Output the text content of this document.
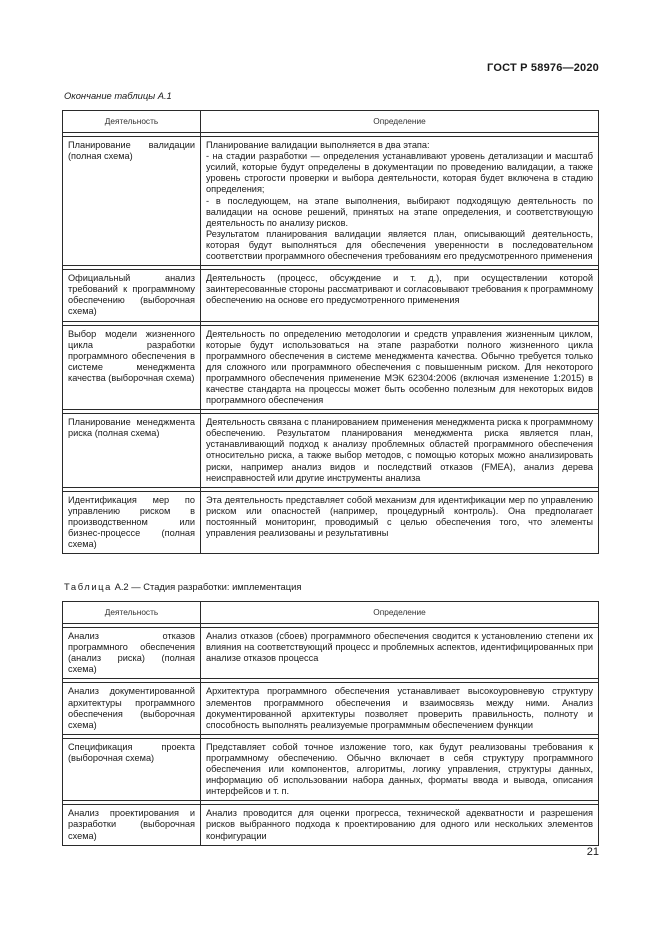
ГОСТ Р 58976—2020
Окончание таблицы А.1
Деятельность	Определение

Планирование валидации (полная схема)	Планирование валидации выполняется в два этапа:
- на стадии разработки — определения устанавливают уровень детализации и масштаб усилий, которые будут определены в документации по проведению валидации, а также уровень строгости проверки и выбора деятельности, которая будет включена в стадию определения;
- в последующем, на этапе выполнения, выбирают подходящую деятельность по валидации на основе решений, принятых на этапе определения, и соответствующую деятельность по анализу рисков.
Результатом планирования валидации является план, описывающий деятельность, которая будут выполняться для обеспечения уверенности в последовательном соответствии программного обеспечения требованиям его предусмотренного применения

Официальный анализ требований к программному обеспечению (выборочная схема)	Деятельность (процесс, обсуждение и т. д.), при осуществлении которой заинтересованные стороны рассматривают и согласовывают требования к программному обеспечению на основе его предусмотренного применения

Выбор модели жизненного цикла разработки программного обеспечения в системе менеджмента качества (выборочная схема)	Деятельность по определению методологии и средств управления жизненным циклом, которые будут использоваться на этапе разработки полного жизненного цикла программного обеспечения в системе менеджмента качества. Обычно требуется только для сложного или программного обеспечения с повышенным риском. Для некоторого программного обеспечения применение МЭК 62304:2006 (включая изменение 1:2015) в качестве стандарта на процессы может быть особенно полезным для некоторых видов программного обеспечения

Планирование менеджмента риска (полная схема)	Деятельность связана с планированием применения менеджмента риска к программному обеспечению. Результатом планирования менеджмента риска является план, устанавливающий подход к анализу проблемных областей программного обеспечения относительно риска, а также выбор методов, с помощью которых можно анализировать риски, например анализ видов и последствий отказов (FMEA), анализ дерева неисправностей или другие инструменты анализа

Идентификация мер по управлению риском в производственном или бизнес-процессе (полная схема)	Эта деятельность представляет собой механизм для идентификации мер по управлению риском или опасностей (например, процедурный контроль). Она предполагает постоянный мониторинг, проводимый с целью обеспечения того, что элементы управления реализованы и результативны
Таблица А.2 — Стадия разработки: имплементация
Деятельность	Определение

Анализ отказов программного обеспечения (анализ риска) (полная схема)	Анализ отказов (сбоев) программного обеспечения сводится к установлению степени их влияния на соответствующий процесс и проблемных аспектов, идентифицированных при анализе отказов процесса

Анализ документированной архитектуры программного обеспечения (выборочная схема)	Архитектура программного обеспечения устанавливает высокоуровневую структуру элементов программного обеспечения и взаимосвязь между ними. Анализ документированной архитектуры позволяет проверить правильность, полноту и способность выполнять реализуемые программным обеспечением функции

Спецификация проекта (выборочная схема)	Представляет собой точное изложение того, как будут реализованы требования к программному обеспечению. Обычно включает в себя структуру программного обеспечения или компонентов, алгоритмы, логику управления, структуры данных, информацию об использовании набора данных, форматы ввода и вывода, описания интерфейсов и т. п.

Анализ проектирования и разработки (выборочная схема)	Анализ проводится для оценки прогресса, технической адекватности и разрешения рисков выбранного подхода к проектированию для одного или нескольких элементов конфигурации
21
